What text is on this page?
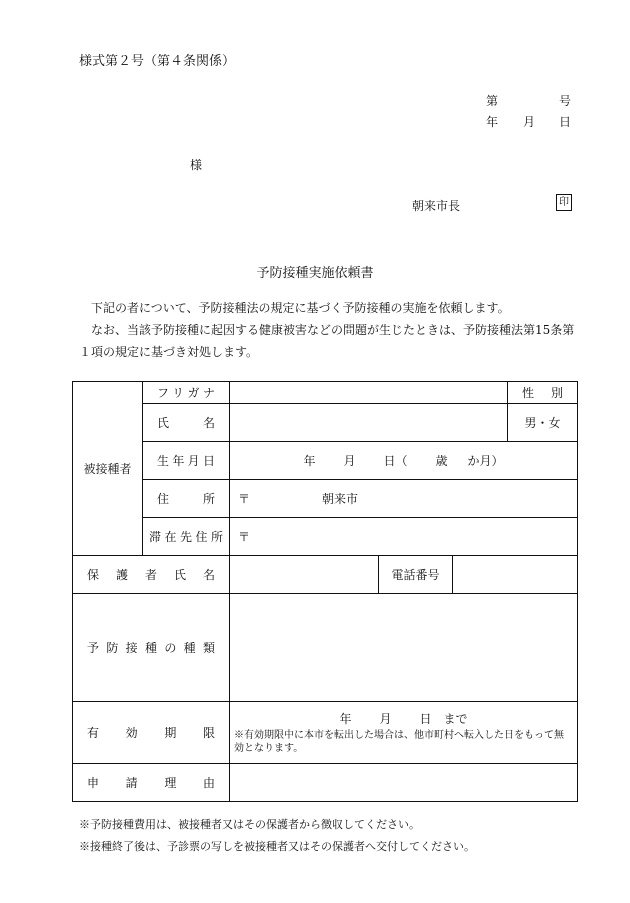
様式第２号（第４条関係）
第	号
年 月 日
様
朝来市長	印
予防接種実施依頼書

下記の者について、予防接種法の規定に基づく予防接種の実施を依頼します。

なお、当該予防接種に起因する健康被害などの問題が生じたときは、予防接種法第15条第１項の規定に基づき対処します。

被接種者	フリガナ				性別
	氏名				男・女
	生年月日	年 月 日（ 歳 か月）			
	住所	〒 朝来市			
	滞在先住所	〒			
保護者氏名			電話番号		
予防接種の種類					
有効期限		年 月 日 まで
※有効期限中に本市を転出した場合は、他市町村へ転入した日をもって無効となります。			

申請理由					

※予防接種費用は、被接種者又はその保護者から徴収してください。

※接種終了後は、予診票の写しを被接種者又はその保護者へ交付してください。
